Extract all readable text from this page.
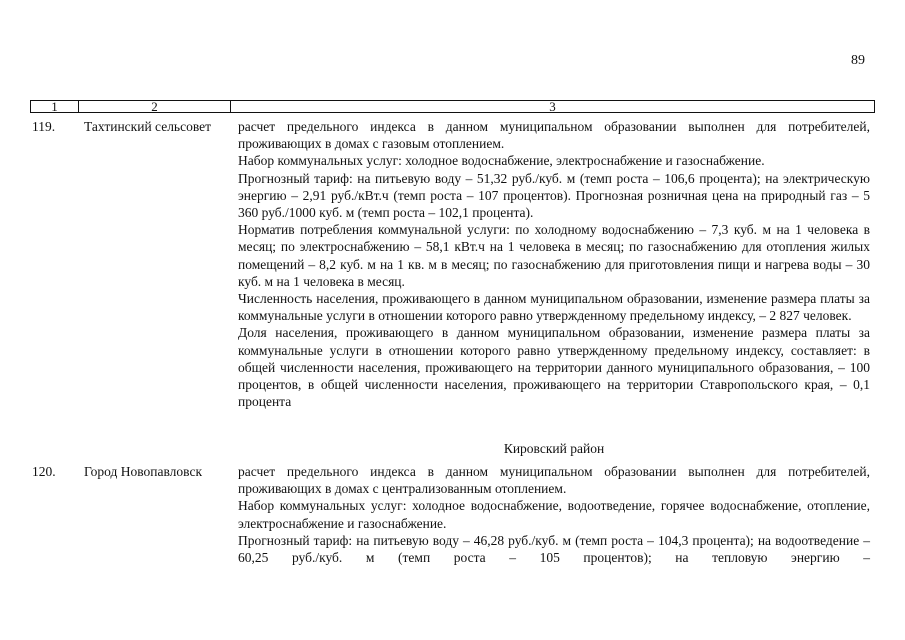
89
1	2	3
119.	Тахтинский сельсовет	расчет предельного индекса в данном муниципальном образовании выполнен для потребителей, проживающих в домах с газовым отоплением.
Набор коммунальных услуг: холодное водоснабжение, электроснабжение и газоснабжение.
Прогнозный тариф: на питьевую воду – 51,32 руб./куб. м (темп роста – 106,6 процента); на электрическую энергию – 2,91 руб./кВт.ч (темп роста – 107 процентов). Прогнозная розничная цена на природный газ – 5 360 руб./1000 куб. м (темп роста – 102,1 процента).
Норматив потребления коммунальной услуги: по холодному водоснабжению – 7,3 куб. м на 1 человека в месяц; по электроснабжению – 58,1 кВт.ч на 1 человека в месяц; по газоснабжению для отопления жилых помещений – 8,2 куб. м на 1 кв. м в месяц; по газоснабжению для приготовления пищи и нагрева воды – 30 куб. м на 1 человека в месяц.
Численность населения, проживающего в данном муниципальном образовании, изменение размера платы за коммунальные услуги в отношении которого равно утвержденному предельному индексу, – 2 827 человек.
Доля населения, проживающего в данном муниципальном образовании, изменение размера платы за коммунальные услуги в отношении которого равно утвержденному предельному индексу, составляет: в общей численности населения, проживающего на территории данного муниципального образования, – 100 процентов, в общей численности населения, проживающего на территории Ставропольского края, – 0,1 процента
Кировский район
120.	Город Новопавловск	расчет предельного индекса в данном муниципальном образовании выполнен для потребителей, проживающих в домах с централизованным отоплением.
Набор коммунальных услуг: холодное водоснабжение, водоотведение, горячее водоснабжение, отопление, электроснабжение и газоснабжение.
Прогнозный тариф: на питьевую воду – 46,28 руб./куб. м (темп роста – 104,3 процента); на водоотведение – 60,25 руб./куб. м (темп роста – 105 процентов); на тепловую энергию –
